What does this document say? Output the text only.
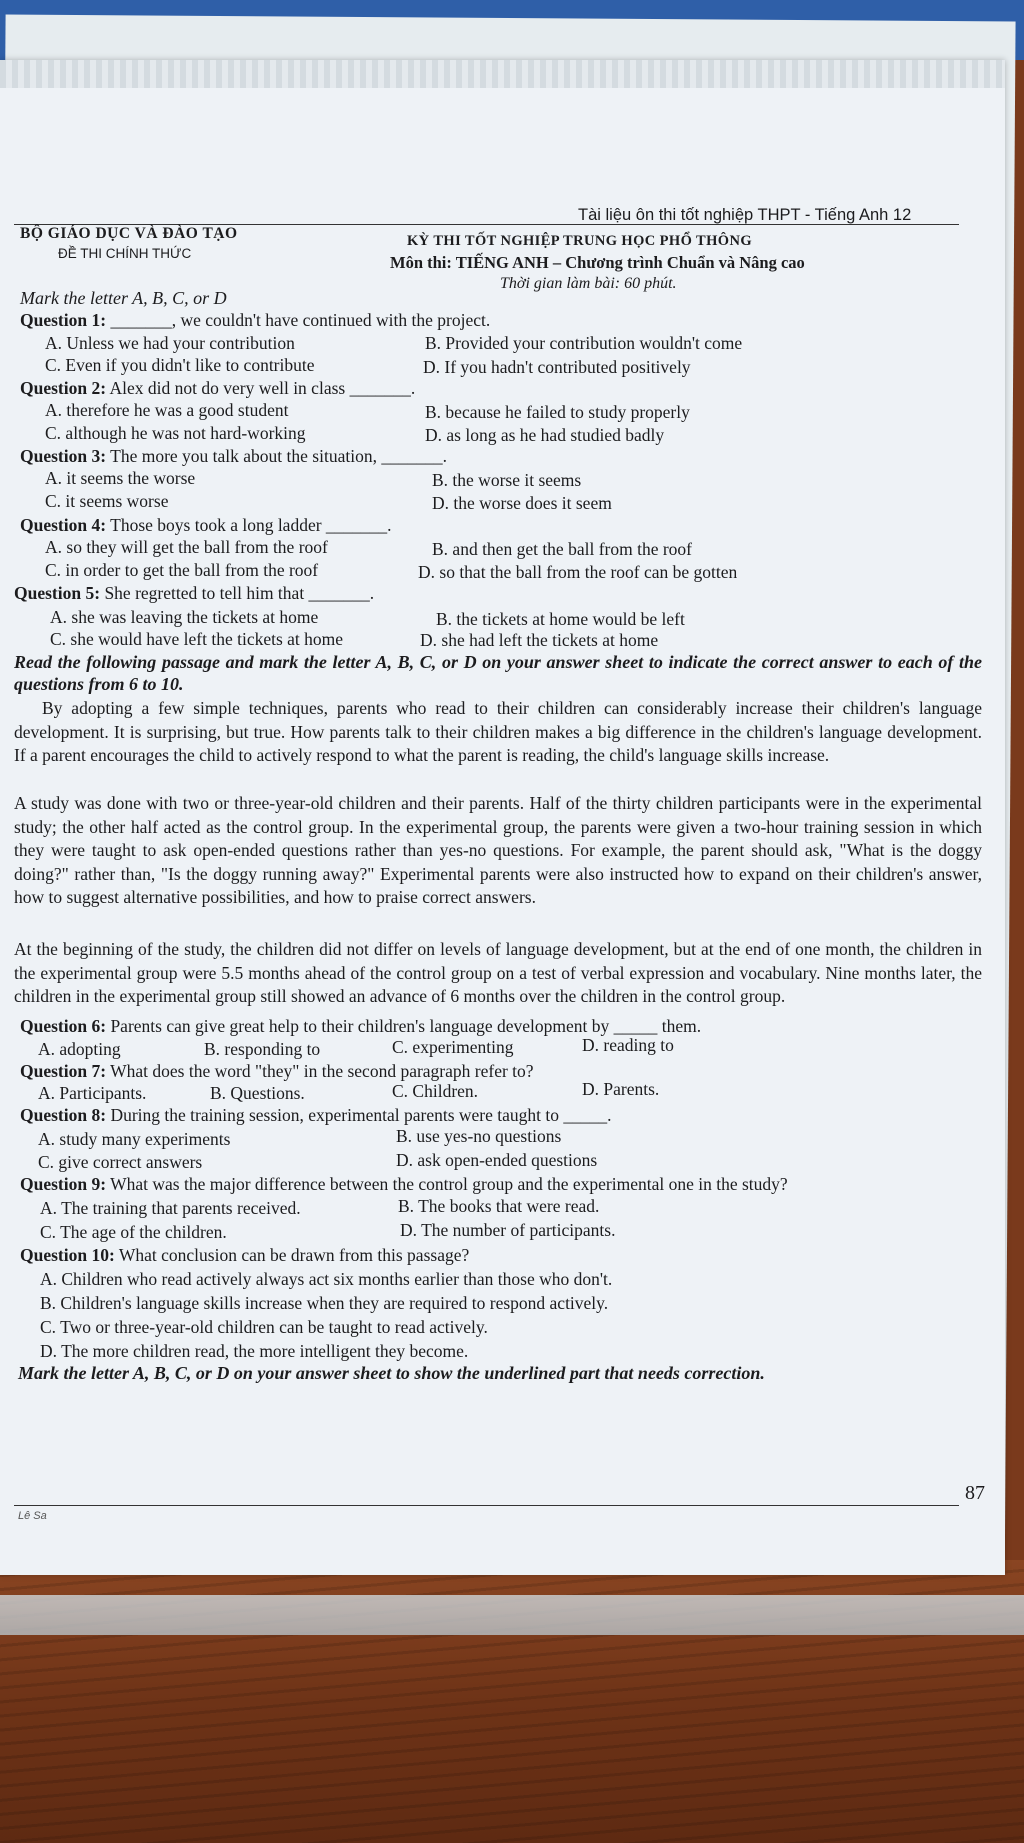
Tài liệu ôn thi tốt nghiệp THPT - Tiếng Anh 12
BỘ GIÁO DỤC VÀ ĐÀO TẠO
ĐỀ THI CHÍNH THỨC
KỲ THI TỐT NGHIỆP TRUNG HỌC PHỔ THÔNG
Môn thi: TIẾNG ANH – Chương trình Chuẩn và Nâng cao
Thời gian làm bài: 60 phút.
Mark the letter A, B, C, or D
Question 1: _______, we couldn't have continued with the project.
A. Unless we had your contribution	B. Provided your contribution wouldn't come
C. Even if you didn't like to contribute	D. If you hadn't contributed positively
Question 2: Alex did not do very well in class _______.
A. therefore he was a good student	B. because he failed to study properly
C. although he was not hard-working	D. as long as he had studied badly
Question 3: The more you talk about the situation, _______.
A. it seems the worse	B. the worse it seems
C. it seems worse	D. the worse does it seem
Question 4: Those boys took a long ladder _______.
A. so they will get the ball from the roof	B. and then get the ball from the roof
C. in order to get the ball from the roof	D. so that the ball from the roof can be gotten
Question 5: She regretted to tell him that _______.
A. she was leaving the tickets at home	B. the tickets at home would be left
C. she would have left the tickets at home	D. she had left the tickets at home
Read the following passage and mark the letter A, B, C, or D on your answer sheet to indicate the correct answer to each of the questions from 6 to 10.
By adopting a few simple techniques, parents who read to their children can considerably increase their children's language development. It is surprising, but true. How parents talk to their children makes a big difference in the children's language development. If a parent encourages the child to actively respond to what the parent is reading, the child's language skills increase.
A study was done with two or three-year-old children and their parents. Half of the thirty children participants were in the experimental study; the other half acted as the control group. In the experimental group, the parents were given a two-hour training session in which they were taught to ask open-ended questions rather than yes-no questions. For example, the parent should ask, "What is the doggy doing?" rather than, "Is the doggy running away?" Experimental parents were also instructed how to expand on their children's answer, how to suggest alternative possibilities, and how to praise correct answers.
At the beginning of the study, the children did not differ on levels of language development, but at the end of one month, the children in the experimental group were 5.5 months ahead of the control group on a test of verbal expression and vocabulary. Nine months later, the children in the experimental group still showed an advance of 6 months over the children in the control group.
Question 6: Parents can give great help to their children's language development by _____ them.
A. adopting	B. responding to	C. experimenting	D. reading to
Question 7: What does the word "they" in the second paragraph refer to?
A. Participants.	B. Questions.	C. Children.	D. Parents.
Question 8: During the training session, experimental parents were taught to _____.
A. study many experiments	B. use yes-no questions
C. give correct answers	D. ask open-ended questions
Question 9: What was the major difference between the control group and the experimental one in the study?
A. The training that parents received.	B. The books that were read.
C. The age of the children.	D. The number of participants.
Question 10: What conclusion can be drawn from this passage?
A. Children who read actively always act six months earlier than those who don't.
B. Children's language skills increase when they are required to respond actively.
C. Two or three-year-old children can be taught to read actively.
D. The more children read, the more intelligent they become.
Mark the letter A, B, C, or D on your answer sheet to show the underlined part that needs correction.
87
Lê Sa
